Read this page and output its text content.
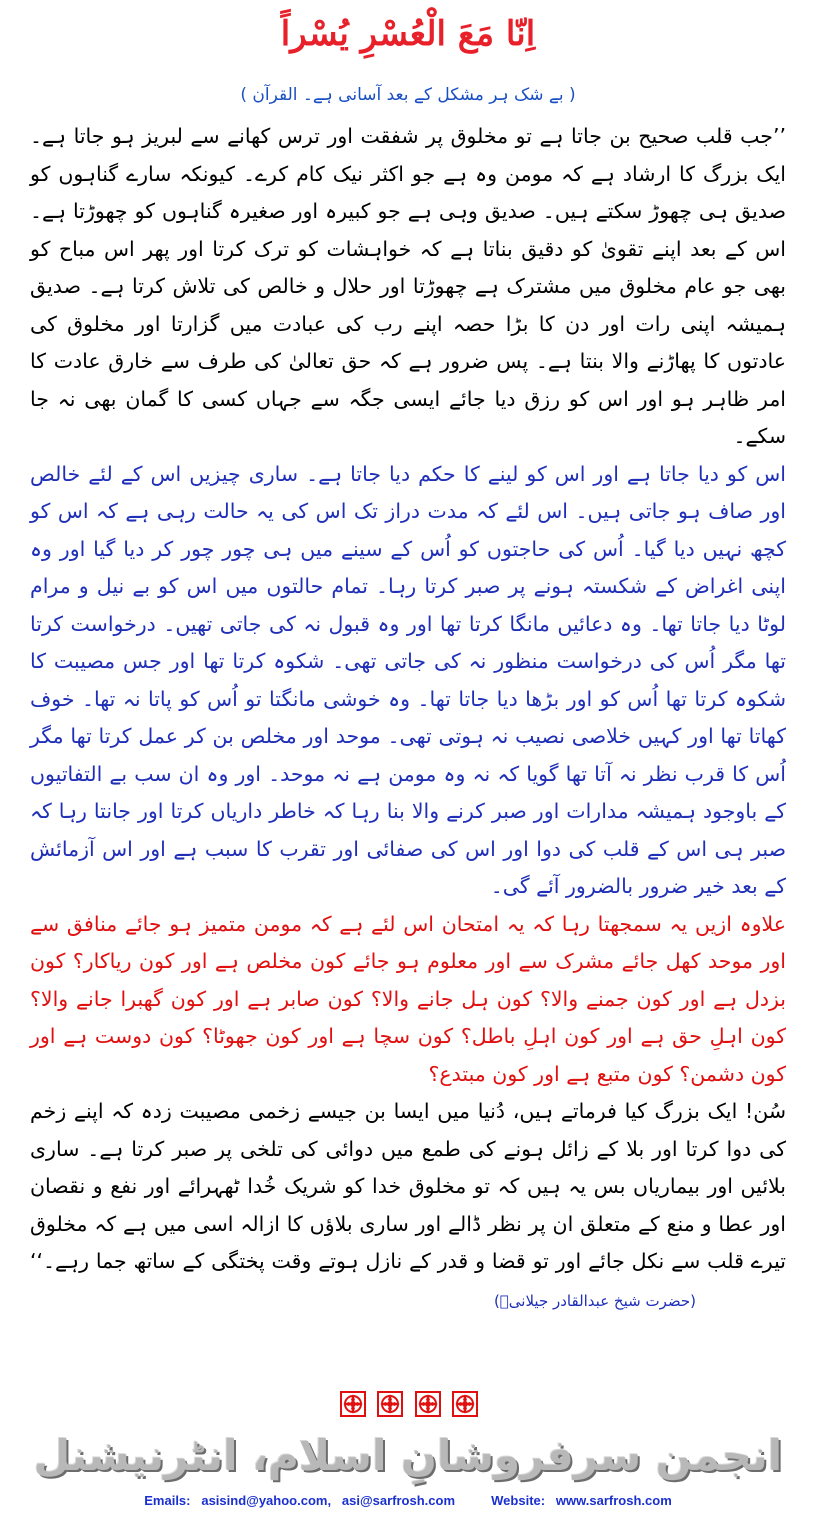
اِنّا مَعَ الْعُسْرِ یُسْراً
( بے شک ہر مشکل کے بعد آسانی ہے۔ القرآن )

’’جب قلب صحیح بن جاتا ہے تو مخلوق پر شفقت اور ترس کھانے سے لبریز ہو جاتا ہے۔ ایک بزرگ کا ارشاد ہے کہ مومن وہ ہے جو اکثر نیک کام کرے۔ کیونکہ سارے گناہوں کو صدیق ہی چھوڑ سکتے ہیں۔ صدیق وہی ہے جو کبیرہ اور صغیرہ گناہوں کو چھوڑتا ہے۔ اس کے بعد اپنے تقویٰ کو دقیق بناتا ہے کہ خواہشات کو ترک کرتا اور پھر اس مباح کو بھی جو عام مخلوق میں مشترک ہے چھوڑتا اور حلال و خالص کی تلاش کرتا ہے۔ صدیق ہمیشہ اپنی رات اور دن کا بڑا حصہ اپنے رب کی عبادت میں گزارتا اور مخلوق کی عادتوں کا پھاڑنے والا بنتا ہے۔ پس ضرور ہے کہ حق تعالیٰ کی طرف سے خارق عادت کا امر ظاہر ہو اور اس کو رزق دیا جائے ایسی جگہ سے جہاں کسی کا گمان بھی نہ جا سکے۔

اس کو دیا جاتا ہے اور اس کو لینے کا حکم دیا جاتا ہے۔ ساری چیزیں اس کے لئے خالص اور صاف ہو جاتی ہیں۔ اس لئے کہ مدت دراز تک اس کی یہ حالت رہی ہے کہ اس کو کچھ نہیں دیا گیا۔ اُس کی حاجتوں کو اُس کے سینے میں ہی چور چور کر دیا گیا اور وہ اپنی اغراض کے شکستہ ہونے پر صبر کرتا رہا۔ تمام حالتوں میں اس کو بے نیل و مرام لوٹا دیا جاتا تھا۔ وہ دعائیں مانگا کرتا تھا اور وہ قبول نہ کی جاتی تھیں۔ درخواست کرتا تھا مگر اُس کی درخواست منظور نہ کی جاتی تھی۔ شکوہ کرتا تھا اور جس مصیبت کا شکوہ کرتا تھا اُس کو اور بڑھا دیا جاتا تھا۔ وہ خوشی مانگتا تو اُس کو پاتا نہ تھا۔ خوف کھاتا تھا اور کہیں خلاصی نصیب نہ ہوتی تھی۔ موحد اور مخلص بن کر عمل کرتا تھا مگر اُس کا قرب نظر نہ آتا تھا گویا کہ نہ وہ مومن ہے نہ موحد۔ اور وہ ان سب بے التفاتیوں کے باوجود ہمیشہ مدارات اور صبر کرنے والا بنا رہا کہ خاطر داریاں کرتا اور جانتا رہا کہ صبر ہی اس کے قلب کی دوا اور اس کی صفائی اور تقرب کا سبب ہے اور اس آزمائش کے بعد خیر ضرور بالضرور آئے گی۔

علاوہ ازیں یہ سمجھتا رہا کہ یہ امتحان اس لئے ہے کہ مومن متمیز ہو جائے منافق سے اور موحد کھل جائے مشرک سے اور معلوم ہو جائے کون مخلص ہے اور کون ریاکار؟ کون بزدل ہے اور کون جمنے والا؟ کون ہل جانے والا؟ کون صابر ہے اور کون گھبرا جانے والا؟ کون اہلِ حق ہے اور کون اہلِ باطل؟ کون سچا ہے اور کون جھوٹا؟ کون دوست ہے اور کون دشمن؟ کون متبع ہے اور کون مبتدع؟

سُن! ایک بزرگ کیا فرماتے ہیں، دُنیا میں ایسا بن جیسے زخمی مصیبت زدہ کہ اپنے زخم کی دوا کرتا اور بلا کے زائل ہونے کی طمع میں دوائی کی تلخی پر صبر کرتا ہے۔ ساری بلائیں اور بیماریاں بس یہ ہیں کہ تو مخلوق خدا کو شریک خُدا ٹھہرائے اور نفع و نقصان اور عطا و منع کے متعلق ان پر نظر ڈالے اور ساری بلاؤں کا ازالہ اسی میں ہے کہ مخلوق تیرے قلب سے نکل جائے اور تو قضا و قدر کے نازل ہوتے وقت پختگی کے ساتھ جما رہے۔‘‘ (حضرت شیخ عبدالقادر جیلانیؒ)

انجمن سرفروشانِ اسلام، انٹرنیشنل
Emails:
asisind@yahoo.com,
asi@sarfrosh.com
	Website:
www.sarfrosh.com
